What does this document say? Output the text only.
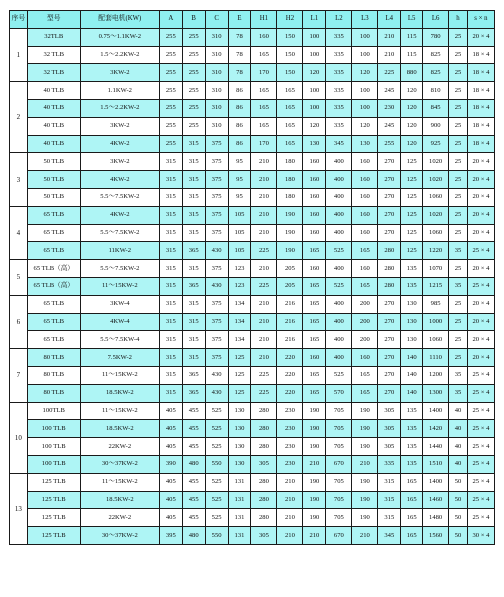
序号	型号	配套电机(KW)	A	B	C	E	H1	H2	L1	L2	L3	L4	L5	L6	h	s × n
1	32TLB	0.75～1.1KW-2	255	255	310	78	160	150	100	335	100	210	115	780	25	20 × 4
	32 TLB	1.5～2.2KW-2	255	255	310	78	165	150	100	335	100	210	115	825	25	18 × 4
	32 TLB	3KW-2	255	255	310	78	170	150	120	335	120	225	880	825	25	18 × 4
2	40 TLB	1.1KW-2	255	255	310	86	165	165	100	335	100	245	120	810	25	18 × 4
	40 TLB	1.5～2.2KW-2	255	255	310	86	165	165	100	335	100	230	120	845	25	18 × 4
	40 TLB	3KW-2	255	255	310	86	165	165	120	335	120	245	120	900	25	18 × 4
	40 TLB	4KW-2	255	315	375	86	170	165	130	345	130	255	120	925	25	18 × 4
3	50 TLB	3KW-2	315	315	375	95	210	180	160	400	160	270	125	1020	25	20 × 4
	50 TLB	4KW-2	315	315	375	95	210	180	160	400	160	270	125	1020	25	20 × 4
	50 TLB	5.5～7.5KW-2	315	315	375	95	210	180	160	400	160	270	125	1060	25	20 × 4
4	65 TLB	4KW-2	315	315	375	105	210	190	160	400	160	270	125	1020	25	20 × 4
	65 TLB	5.5～7.5KW-2	315	315	375	105	210	190	160	400	160	270	125	1060	25	20 × 4
	65 TLB	11KW-2	315	365	430	105	225	190	165	525	165	280	125	1220	35	25 × 4
5	65 TLB（高）	5.5～7.5KW-2	315	315	375	123	210	205	160	400	160	280	135	1070	25	20 × 4
	65 TLB（高）	11～15KW-2	315	365	430	123	225	205	165	525	165	280	135	1215	35	25 × 4
6	65 TLB	3KW-4	315	315	375	134	210	216	165	400	200	270	130	985	25	20 × 4
	65 TLB	4KW-4	315	315	375	134	210	216	165	400	200	270	130	1000	25	20 × 4
	65 TLB	5.5～7.5KW-4	315	315	375	134	210	216	165	400	200	270	130	1060	25	20 × 4
7	80 TLB	7.5KW-2	315	315	375	125	210	220	160	400	160	270	140	1110	25	20 × 4
	80 TLB	11～15KW-2	315	365	430	125	225	220	165	525	165	270	140	1200	35	25 × 4
	80 TLB	18.5KW-2	315	365	430	125	225	220	165	570	165	270	140	1300	35	25 × 4
10	100TLB	11～15KW-2	405	455	525	130	280	230	190	705	190	305	135	1400	40	25 × 4
	100 TLB	18.5KW-2	405	455	525	130	280	230	190	705	190	305	135	1420	40	25 × 4
	100 TLB	22KW-2	405	455	525	130	280	230	190	705	190	305	135	1440	40	25 × 4
	100 TLB	30～37KW-2	390	480	550	130	305	230	210	670	210	335	135	1510	40	25 × 4
13	125 TLB	11～15KW-2	405	455	525	131	280	210	190	705	190	315	165	1400	50	25 × 4
	125 TLB	18.5KW-2	405	455	525	131	280	210	190	705	190	315	165	1460	50	25 × 4
	125 TLB	22KW-2	405	455	525	131	280	210	190	705	190	315	165	1480	50	25 × 4
	125 TLB	30～37KW-2	395	480	550	131	305	210	210	670	210	345	165	1560	50	30 × 4
